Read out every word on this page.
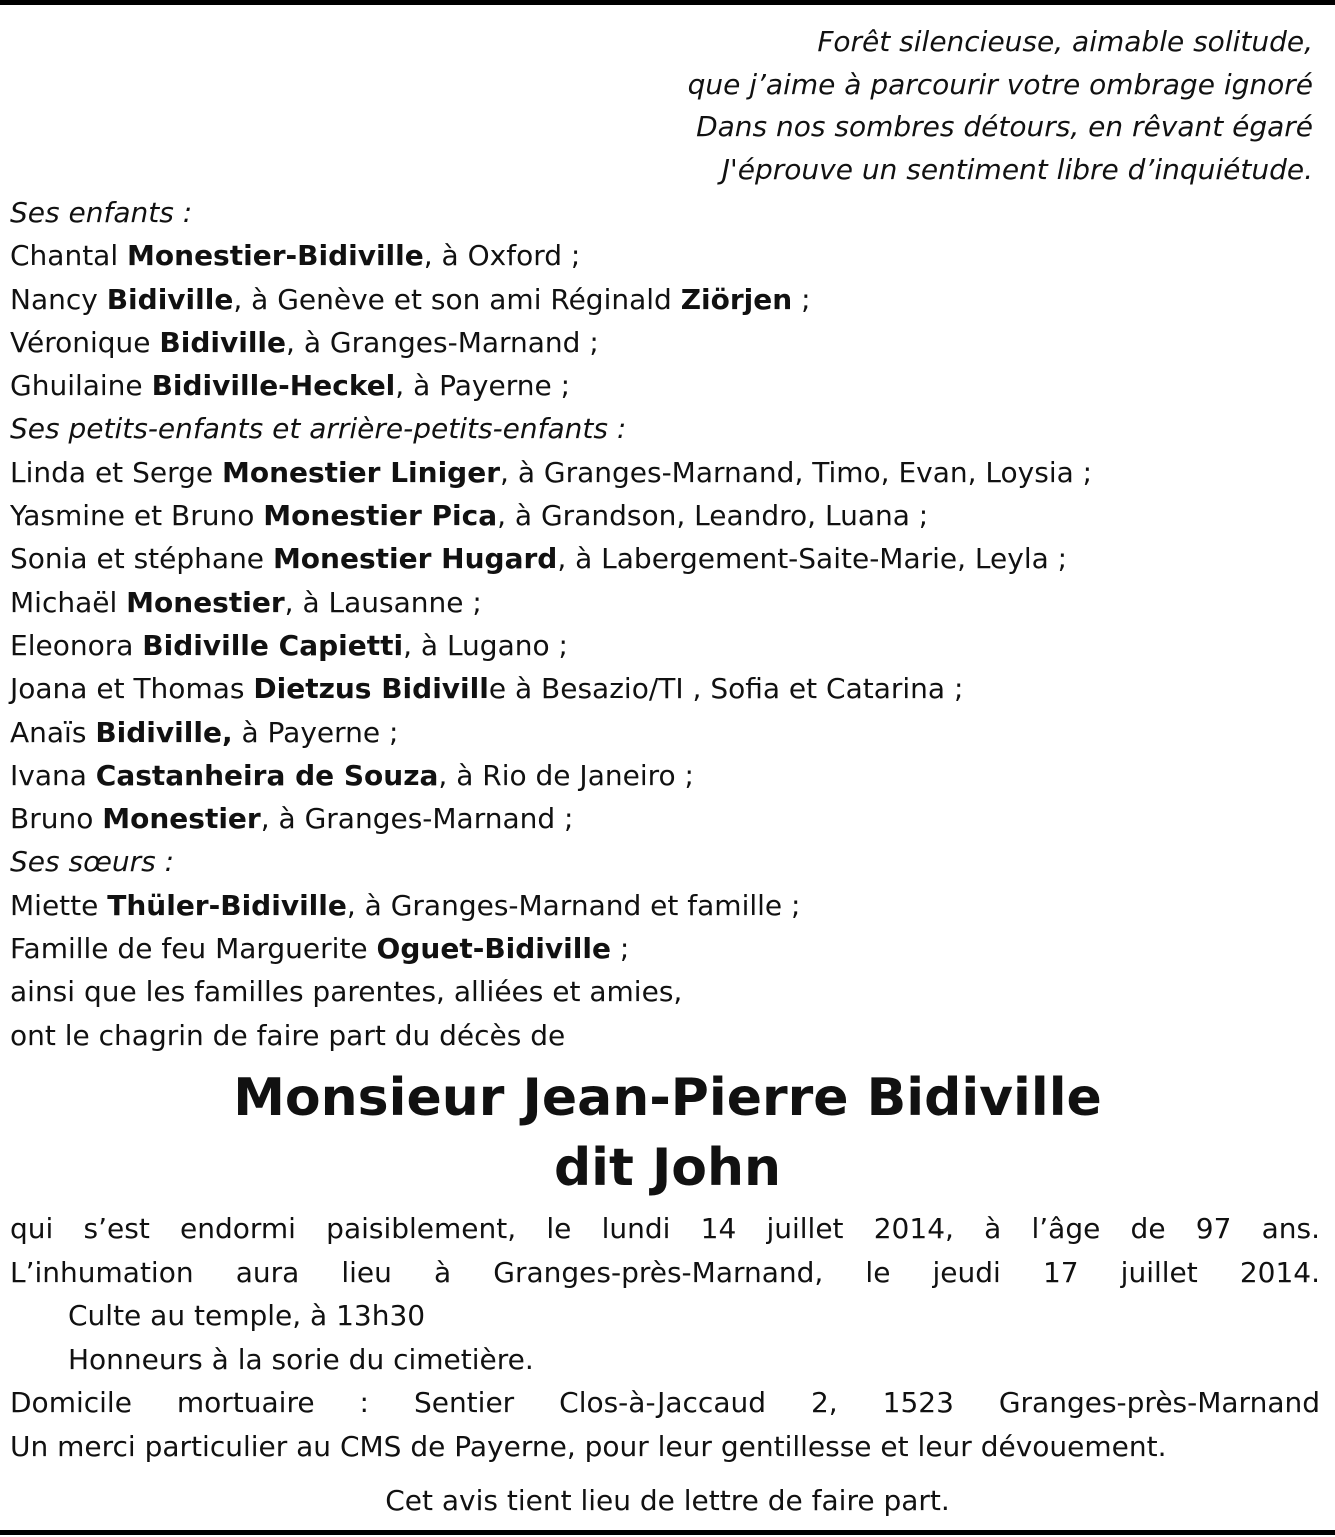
Forêt silencieuse, aimable solitude,
que j’aime à parcourir votre ombrage ignoré
Dans nos sombres détours, en rêvant égaré
J'éprouve un sentiment libre d’inquiétude.
Ses enfants :
Chantal Monestier-Bidiville, à Oxford ;
Nancy Bidiville, à Genève et son ami Réginald Ziörjen ;
Véronique Bidiville, à Granges-Marnand ;
Ghuilaine Bidiville-Heckel, à Payerne ;
Ses petits-enfants et arrière-petits-enfants :
Linda et Serge Monestier Liniger, à Granges-Marnand, Timo, Evan, Loysia ;
Yasmine et Bruno Monestier Pica, à Grandson, Leandro, Luana ;
Sonia et stéphane Monestier Hugard, à Labergement-Saite-Marie, Leyla ;
Michaël Monestier, à Lausanne ;
Eleonora Bidiville Capietti, à Lugano ;
Joana et Thomas Dietzus Bidiville à Besazio/TI , Sofia et Catarina ;
Anaïs Bidiville, à Payerne ;
Ivana Castanheira de Souza, à Rio de Janeiro ;
Bruno Monestier, à Granges-Marnand ;
Ses sœurs :
Miette Thüler-Bidiville, à Granges-Marnand et famille ;
Famille de feu Marguerite Oguet-Bidiville ;
ainsi que les familles parentes, alliées et amies,
ont le chagrin de faire part du décès de
Monsieur Jean-Pierre Bidiville
dit John
qui s’est endormi paisiblement, le lundi 14 juillet 2014, à l’âge de 97 ans.
L’inhumation aura lieu à Granges-près-Marnand, le jeudi 17 juillet 2014.
Culte au temple, à 13h30
Honneurs à la sorie du cimetière.
Domicile mortuaire : Sentier Clos-à-Jaccaud 2, 1523 Granges-près-Marnand
Un merci particulier au CMS de Payerne, pour leur gentillesse et leur dévouement.
Cet avis tient lieu de lettre de faire part.
